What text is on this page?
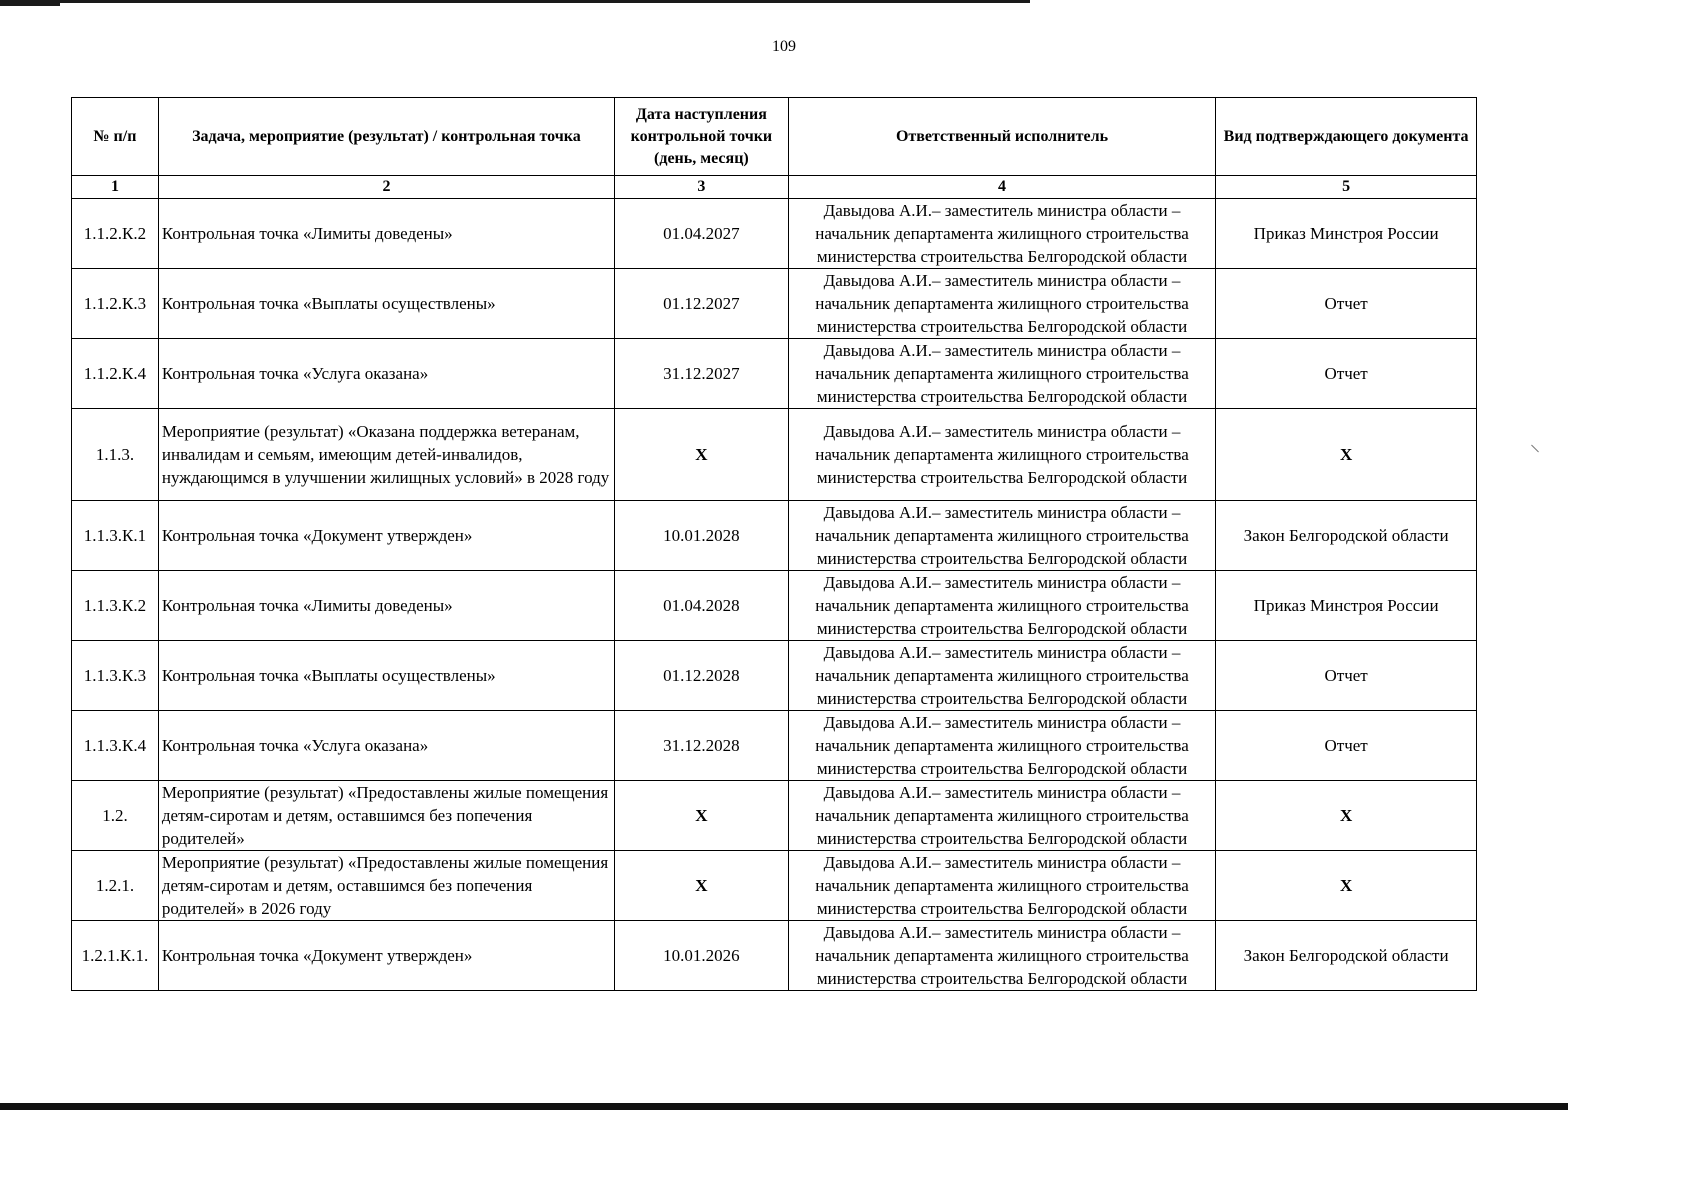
109
№ п/п	Задача, мероприятие (результат) / контрольная точка	Дата наступления контрольной точки (день, месяц)	Ответственный исполнитель	Вид подтверждающего документа
1	2	3	4	5
1.1.2.К.2	Контрольная точка «Лимиты доведены»	01.04.2027	Давыдова А.И.– заместитель министра области – начальник департамента жилищного строительства министерства строительства Белгородской области	Приказ Минстроя России
1.1.2.К.3	Контрольная точка «Выплаты осуществлены»	01.12.2027	Давыдова А.И.– заместитель министра области – начальник департамента жилищного строительства министерства строительства Белгородской области	Отчет
1.1.2.К.4	Контрольная точка «Услуга оказана»	31.12.2027	Давыдова А.И.– заместитель министра области – начальник департамента жилищного строительства министерства строительства Белгородской области	Отчет
1.1.3.	Мероприятие (результат) «Оказана поддержка ветеранам, инвалидам и семьям, имеющим детей-инвалидов, нуждающимся в улучшении жилищных условий» в 2028 году	Х	Давыдова А.И.– заместитель министра области – начальник департамента жилищного строительства министерства строительства Белгородской области	Х
1.1.3.К.1	Контрольная точка «Документ утвержден»	10.01.2028	Давыдова А.И.– заместитель министра области – начальник департамента жилищного строительства министерства строительства Белгородской области	Закон Белгородской области
1.1.3.К.2	Контрольная точка «Лимиты доведены»	01.04.2028	Давыдова А.И.– заместитель министра области – начальник департамента жилищного строительства министерства строительства Белгородской области	Приказ Минстроя России
1.1.3.К.3	Контрольная точка «Выплаты осуществлены»	01.12.2028	Давыдова А.И.– заместитель министра области – начальник департамента жилищного строительства министерства строительства Белгородской области	Отчет
1.1.3.К.4	Контрольная точка «Услуга оказана»	31.12.2028	Давыдова А.И.– заместитель министра области – начальник департамента жилищного строительства министерства строительства Белгородской области	Отчет
1.2.	Мероприятие (результат) «Предоставлены жилые помещения детям-сиротам и детям, оставшимся без попечения родителей»	Х	Давыдова А.И.– заместитель министра области – начальник департамента жилищного строительства министерства строительства Белгородской области	Х
1.2.1.	Мероприятие (результат) «Предоставлены жилые помещения детям-сиротам и детям, оставшимся без попечения родителей» в 2026 году	Х	Давыдова А.И.– заместитель министра области – начальник департамента жилищного строительства министерства строительства Белгородской области	Х
1.2.1.К.1.	Контрольная точка «Документ утвержден»	10.01.2026	Давыдова А.И.– заместитель министра области – начальник департамента жилищного строительства министерства строительства Белгородской области	Закон Белгородской области
